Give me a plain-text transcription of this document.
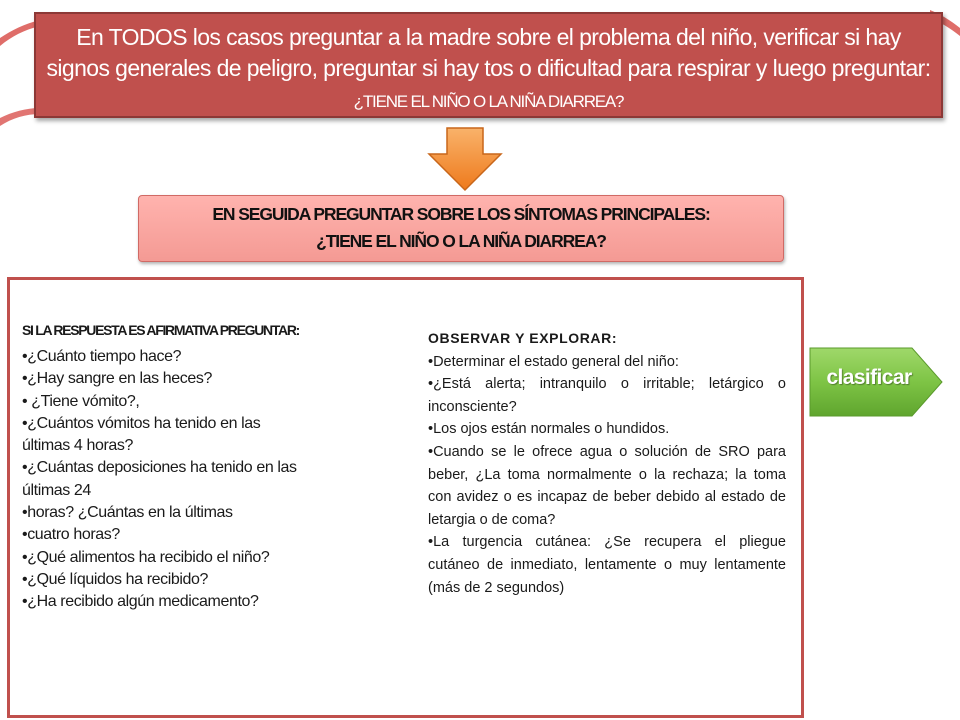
En TODOS los casos preguntar a la madre sobre el problema del niño, verificar si hay signos generales de peligro, preguntar si hay tos o dificultad para respirar y luego preguntar: ¿TIENE EL NIÑO O LA NIÑA DIARREA?
EN SEGUIDA PREGUNTAR SOBRE LOS SÍNTOMAS PRINCIPALES:
¿TIENE EL NIÑO O LA NIÑA DIARREA?
SI LA RESPUESTA ES AFIRMATIVA PREGUNTAR:
•¿Cuánto tiempo hace?
•¿Hay sangre en las heces?
• ¿Tiene vómito?,
•¿Cuántos vómitos ha tenido en las últimas 4 horas?
•¿Cuántas deposiciones ha tenido en las últimas 24
•horas? ¿Cuántas en la últimas
•cuatro horas?
•¿Qué alimentos ha recibido el niño?
•¿Qué líquidos ha recibido?
•¿Ha recibido algún medicamento?
OBSERVAR Y EXPLORAR:
•Determinar el estado general del niño:
•¿Está alerta; intranquilo o irritable; letárgico o inconsciente?
•Los ojos están normales o hundidos.
•Cuando se le ofrece agua o solución de SRO para beber, ¿La toma normalmente o la rechaza; la toma con avidez o es incapaz de beber debido al estado de letargia o de coma?
•La turgencia cutánea: ¿Se recupera el pliegue cutáneo de inmediato, lentamente o muy lentamente (más de 2 segundos)
clasificar
